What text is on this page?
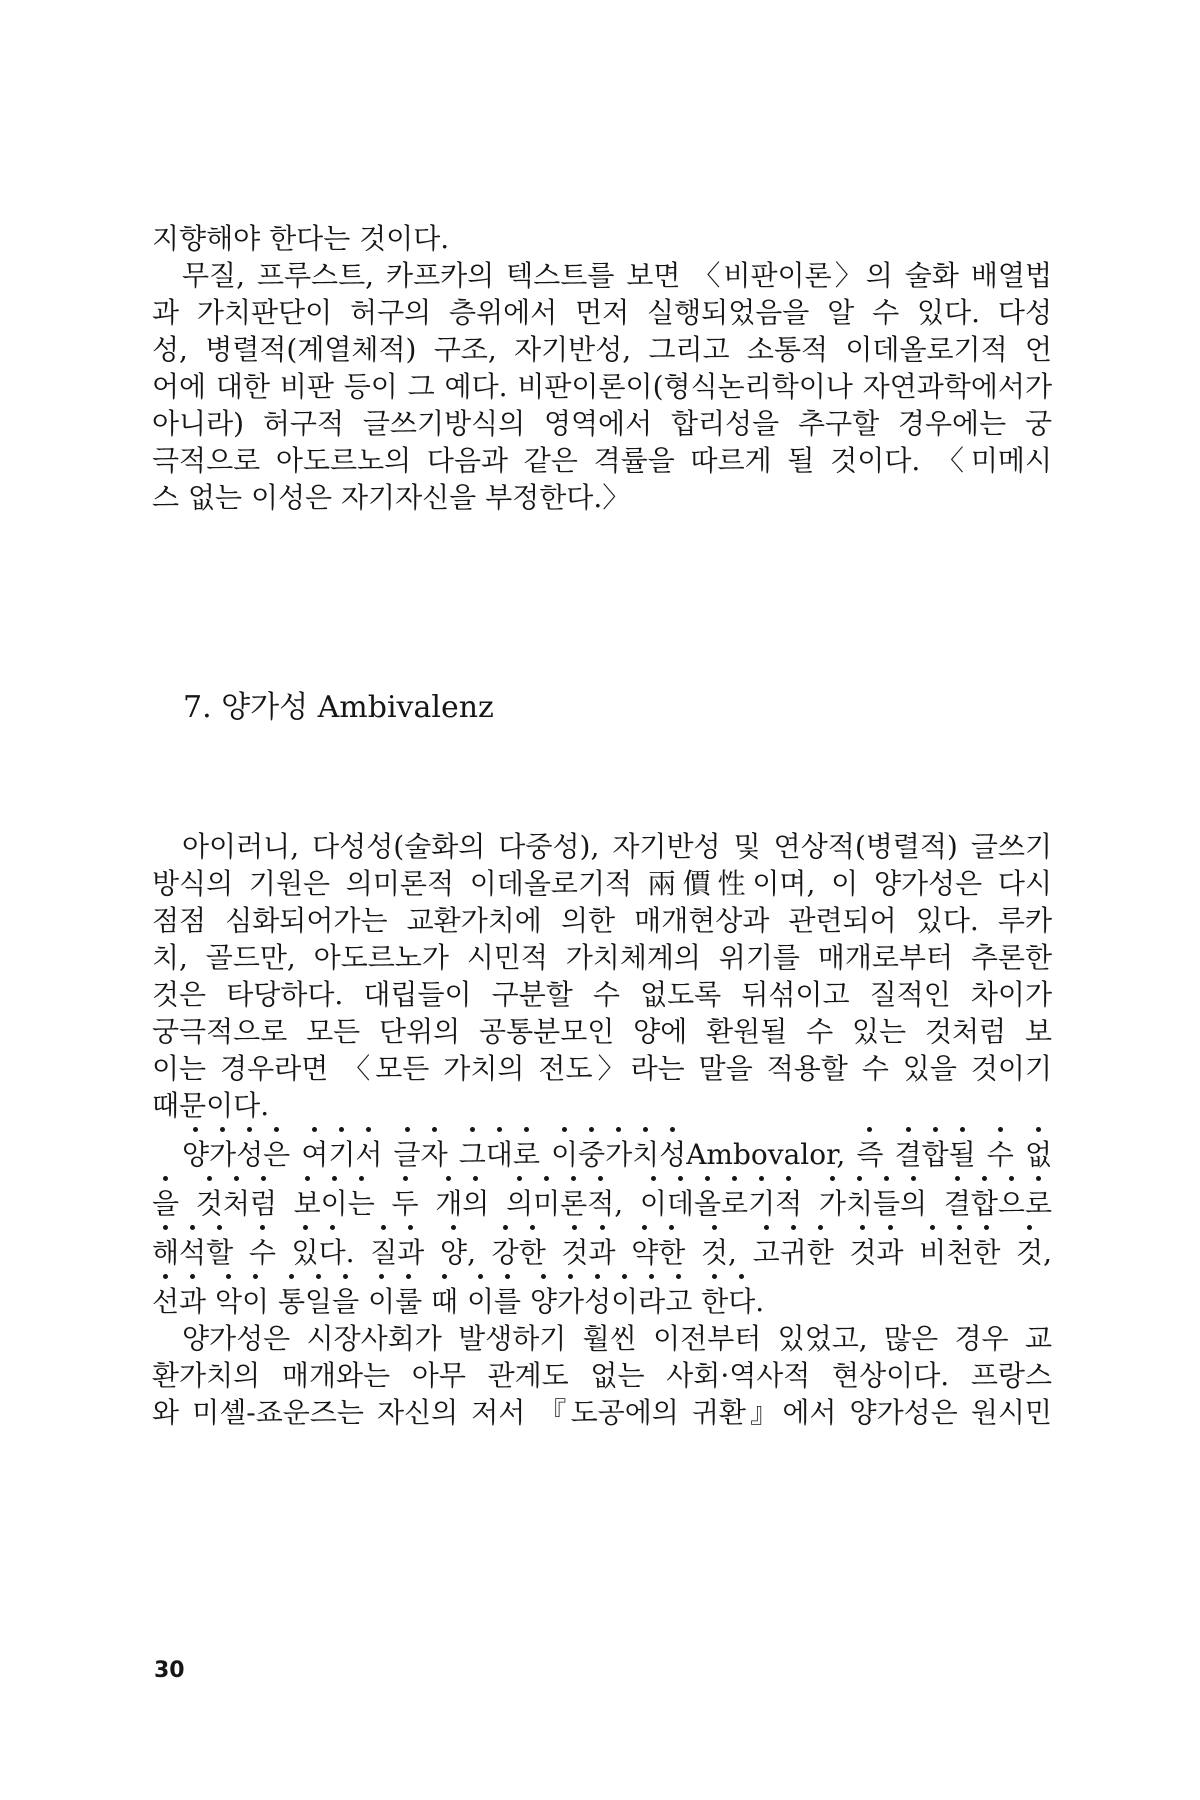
지향해야 한다는 것이다.
무질, 프루스트, 카프카의 텍스트를 보면 〈비판이론〉의 술화 배열법
과 가치판단이 허구의 층위에서 먼저 실행되었음을 알 수 있다. 다성
성, 병렬적(계열체적) 구조, 자기반성, 그리고 소통적 이데올로기적 언
어에 대한 비판 등이 그 예다. 비판이론이(형식논리학이나 자연과학에서가
아니라) 허구적 글쓰기방식의 영역에서 합리성을 추구할 경우에는 궁
극적으로 아도르노의 다음과 같은 격률을 따르게 될 것이다. 〈미메시
스 없는 이성은 자기자신을 부정한다.〉
7. 양가성 Ambivalenz
아이러니, 다성성(술화의 다중성), 자기반성 및 연상적(병렬적) 글쓰기
방식의 기원은 의미론적 이데올로기적 兩價性이며, 이 양가성은 다시
점점 심화되어가는 교환가치에 의한 매개현상과 관련되어 있다. 루카
치, 골드만, 아도르노가 시민적 가치체계의 위기를 매개로부터 추론한
것은 타당하다. 대립들이 구분할 수 없도록 뒤섞이고 질적인 차이가
궁극적으로 모든 단위의 공통분모인 양에 환원될 수 있는 것처럼 보
이는 경우라면 〈모든 가치의 전도〉라는 말을 적용할 수 있을 것이기
때문이다.
양가성은 여기서 글자 그대로 이중가치성Ambovalor, 즉 결합될 수 없
을 것처럼 보이는 두 개의 의미론적, 이데올로기적 가치들의 결합으로
해석할 수 있다. 질과 양, 강한 것과 약한 것, 고귀한 것과 비천한 것,
선과 악이 통일을 이룰 때 이를 양가성이라고 한다.
양가성은 시장사회가 발생하기 훨씬 이전부터 있었고, 많은 경우 교
환가치의 매개와는 아무 관계도 없는 사회·역사적 현상이다. 프랑스
와 미셸-죠운즈는 자신의 저서 『도공에의 귀환』에서 양가성은 원시민
30
